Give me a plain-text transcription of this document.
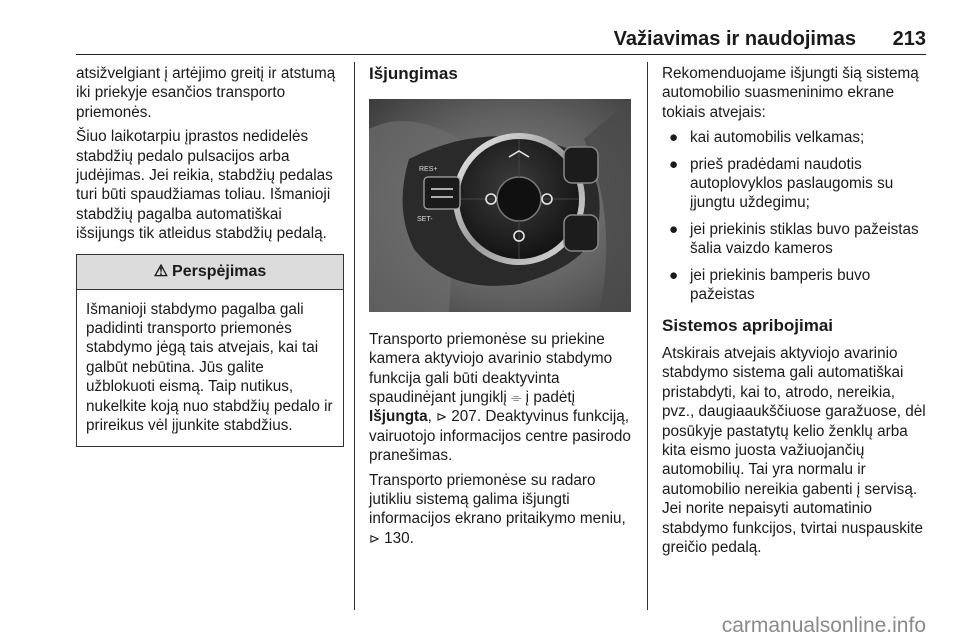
Važiavimas ir naudojimas 213

atsižvelgiant į artėjimo greitį ir atstumą iki priekyje esančios transporto priemonės.

Šiuo laikotarpiu įprastos nedidelės stabdžių pedalo pulsacijos arba judėjimas. Jei reikia, stabdžių pedalas turi būti spaudžiamas toliau. Išmanioji stabdžių pagalba automatiškai išsijungs tik atleidus stabdžių pedalą.

⚠ Perspėjimas
Išmanioji stabdymo pagalba gali padidinti transporto priemonės stabdymo jėgą tais atvejais, kai tai galbūt nebūtina. Jūs galite užblokuoti eismą. Taip nutikus, nukelkite koją nuo stabdžių pedalo ir prireikus vėl įjunkite stabdžius.
Išjungimas
RES+
SET-

Transporto priemonėse su priekine kamera aktyviojo avarinio stabdymo funkcija gali būti deaktyvinta spaudinėjant jungiklį ⌯ į padėtį Išjungta, ⊳ 207. Deaktyvinus funkciją, vairuotojo informacijos centre pasirodo pranešimas.

Transporto priemonėse su radaro jutikliu sistemą galima išjungti informacijos ekrano pritaikymo meniu, ⊳ 130.

Rekomenduojame išjungti šią sistemą automobilio suasmeninimo ekrane tokiais atvejais:

● kai automobilis velkamas;
● prieš pradėdami naudotis autoplovyklos paslaugomis su įjungtu uždegimu;
● jei priekinis stiklas buvo pažeistas šalia vaizdo kameros
● jei priekinis bamperis buvo pažeistas
Sistemos apribojimai

Atskirais atvejais aktyviojo avarinio stabdymo sistema gali automatiškai pristabdyti, kai to, atrodo, nereikia, pvz., daugiaaukščiuose garažuose, dėl posūkyje pastatytų kelio ženklų arba kita eismo juosta važiuojančių automobilių. Tai yra normalu ir automobilio nereikia gabenti į servisą. Jei norite nepaisyti automatinio stabdymo funkcijos, tvirtai nuspauskite greičio pedalą.

carmanualsonline.info
